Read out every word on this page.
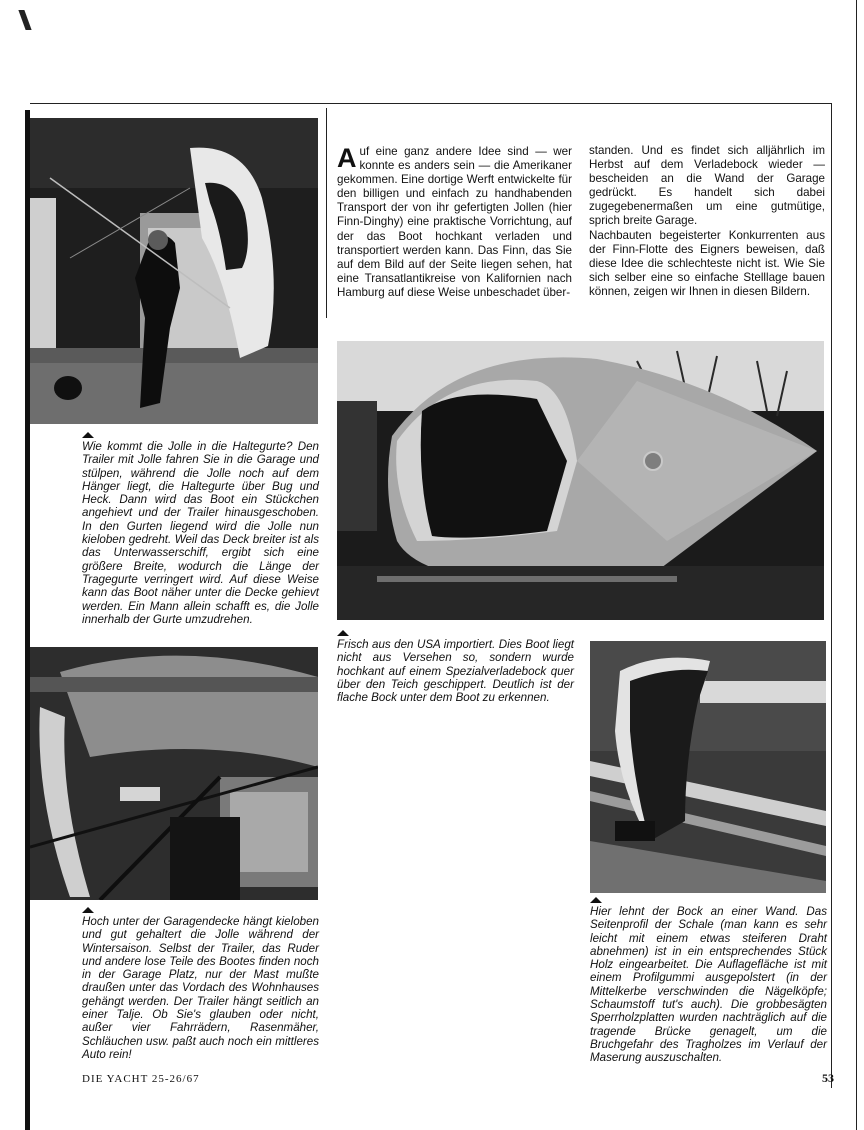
Wie kommt die Jolle in die Haltegurte? Den Trailer mit Jolle fahren Sie in die Garage und stülpen, während die Jolle noch auf dem Hänger liegt, die Haltegurte über Bug und Heck. Dann wird das Boot ein Stückchen angehievt und der Trailer hinausgeschoben. In den Gurten liegend wird die Jolle nun kieloben gedreht. Weil das Deck breiter ist als das Unterwasserschiff, ergibt sich eine größere Breite, wodurch die Länge der Tragegurte verringert wird. Auf diese Weise kann das Boot näher unter die Decke gehievt werden. Ein Mann allein schafft es, die Jolle innerhalb der Gurte umzudrehen.
Hoch unter der Garagendecke hängt kieloben und gut gehaltert die Jolle während der Wintersaison. Selbst der Trailer, das Ruder und andere lose Teile des Bootes finden noch in der Garage Platz, nur der Mast mußte draußen unter das Vordach des Wohnhauses gehängt werden. Der Trailer hängt seitlich an einer Talje. Ob Sie's glauben oder nicht, außer vier Fahrrädern, Rasenmäher, Schläuchen usw. paßt auch noch ein mittleres Auto rein!
Auf eine ganz andere Idee sind — wer konnte es anders sein — die Amerikaner gekommen. Eine dortige Werft entwickelte für den billigen und einfach zu handhabenden Transport der von ihr gefertigten Jollen (hier Finn-Dinghy) eine praktische Vorrichtung, auf der das Boot hochkant verladen und transportiert werden kann. Das Finn, das Sie auf dem Bild auf der Seite liegen sehen, hat eine Transatlantikreise von Kalifornien nach Hamburg auf diese Weise unbeschadet über-
standen. Und es findet sich alljährlich im Herbst auf dem Verladebock wieder — bescheiden an die Wand der Garage gedrückt. Es handelt sich dabei zugegebenermaßen um eine gutmütige, sprich breite Garage.
Nachbauten begeisterter Konkurrenten aus der Finn-Flotte des Eigners beweisen, daß diese Idee die schlechteste nicht ist. Wie Sie sich selber eine so einfache Stelllage bauen können, zeigen wir Ihnen in diesen Bildern.
Frisch aus den USA importiert. Dies Boot liegt nicht aus Versehen so, sondern wurde hochkant auf einem Spezialverladebock quer über den Teich geschippert. Deutlich ist der flache Bock unter dem Boot zu erkennen.
Hier lehnt der Bock an einer Wand. Das Seitenprofil der Schale (man kann es sehr leicht mit einem etwas steiferen Draht abnehmen) ist in ein entsprechendes Stück Holz eingearbeitet. Die Auflagefläche ist mit einem Profilgummi ausgepolstert (in der Mittelkerbe verschwinden die Nägelköpfe; Schaumstoff tut's auch). Die grobbesägten Sperrholzplatten wurden nachträglich auf die tragende Brücke genagelt, um die Bruchgefahr des Tragholzes im Verlauf der Maserung auszuschalten.
DIE YACHT 25-26/67	53
